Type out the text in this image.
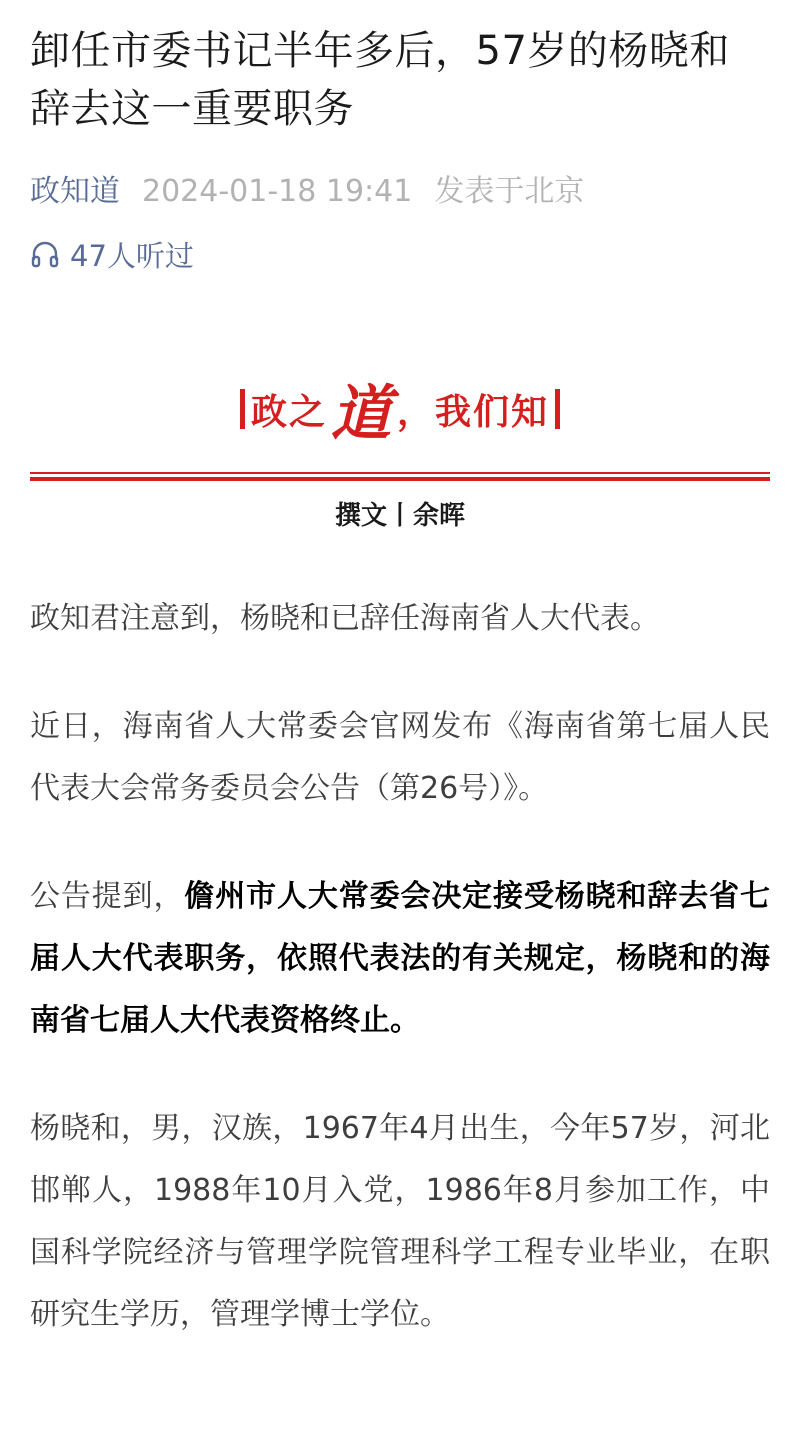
卸任市委书记半年多后，57岁的杨晓和辞去这一重要职务
政知道 2024-01-18 19:41 发表于北京
47人听过
政之 道 ，我们知
撰文丨余晖

政知君注意到，杨晓和已辞任海南省人大代表。

近日，海南省人大常委会官网发布《海南省第七届人民代表大会常务委员会公告（第26号）》。

公告提到，儋州市人大常委会决定接受杨晓和辞去省七届人大代表职务，依照代表法的有关规定，杨晓和的海南省七届人大代表资格终止。

杨晓和，男，汉族，1967年4月出生，今年57岁，河北邯郸人，1988年10月入党，1986年8月参加工作，中国科学院经济与管理学院管理科学工程专业毕业，在职研究生学历，管理学博士学位。
